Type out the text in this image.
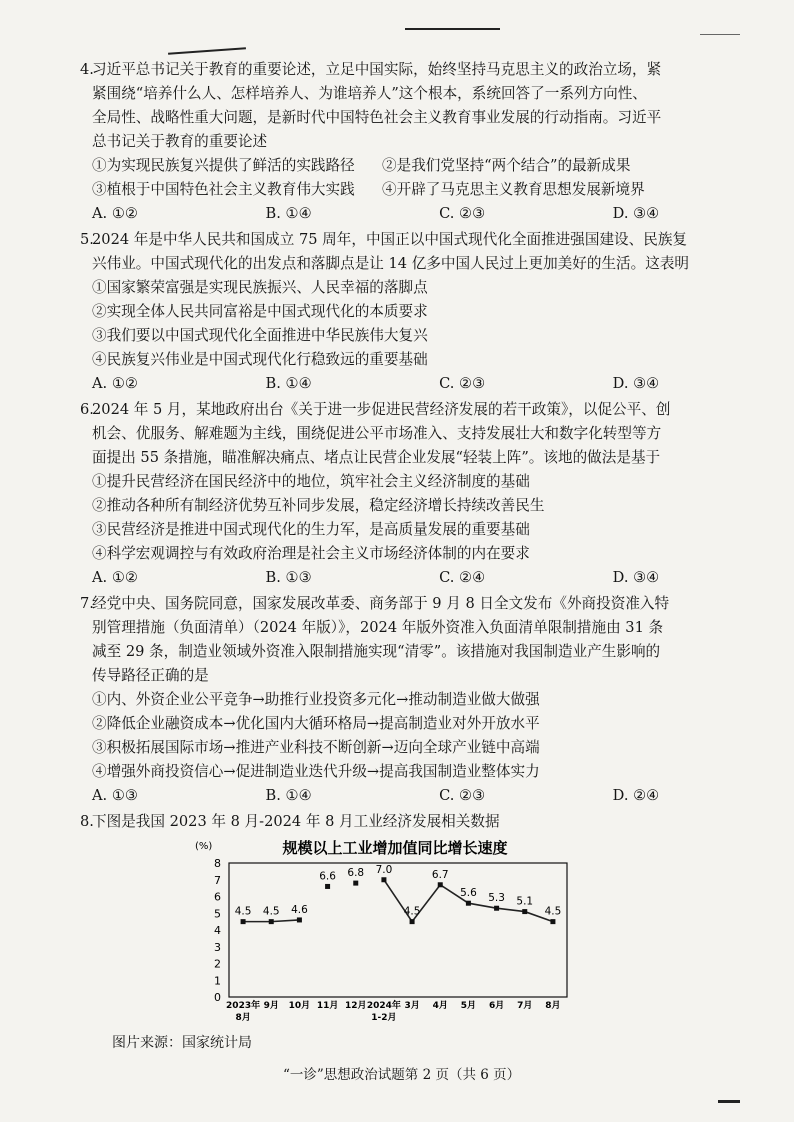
4.
习近平总书记关于教育的重要论述，立足中国实际，始终坚持马克思主义的政治立场，紧
紧围绕“培养什么人、怎样培养人、为谁培养人”这个根本，系统回答了一系列方向性、
全局性、战略性重大问题，是新时代中国特色社会主义教育事业发展的行动指南。习近平
总书记关于教育的重要论述
①为实现民族复兴提供了鲜活的实践路径	②是我们党坚持“两个结合”的最新成果
③植根于中国特色社会主义教育伟大实践	④开辟了马克思主义教育思想发展新境界
A. ①②	B. ①④	C. ②③	D. ③④
5.
2024 年是中华人民共和国成立 75 周年，中国正以中国式现代化全面推进强国建设、民族复
兴伟业。中国式现代化的出发点和落脚点是让 14 亿多中国人民过上更加美好的生活。这表明
①国家繁荣富强是实现民族振兴、人民幸福的落脚点
②实现全体人民共同富裕是中国式现代化的本质要求
③我们要以中国式现代化全面推进中华民族伟大复兴
④民族复兴伟业是中国式现代化行稳致远的重要基础
A. ①②	B. ①④	C. ②③	D. ③④
6.
2024 年 5 月，某地政府出台《关于进一步促进民营经济发展的若干政策》，以促公平、创
机会、优服务、解难题为主线，围绕促进公平市场准入、支持发展壮大和数字化转型等方
面提出 55 条措施，瞄准解决痛点、堵点让民营企业发展“轻装上阵”。该地的做法是基于
①提升民营经济在国民经济中的地位，筑牢社会主义经济制度的基础
②推动各种所有制经济优势互补同步发展，稳定经济增长持续改善民生
③民营经济是推进中国式现代化的生力军，是高质量发展的重要基础
④科学宏观调控与有效政府治理是社会主义市场经济体制的内在要求
A. ①②	B. ①③	C. ②④	D. ③④
7.
经党中央、国务院同意，国家发展改革委、商务部于 9 月 8 日全文发布《外商投资准入特
别管理措施（负面清单）（2024 年版）》，2024 年版外资准入负面清单限制措施由 31 条
减至 29 条，制造业领域外资准入限制措施实现“清零”。该措施对我国制造业产生影响的
传导路径正确的是
①内、外资企业公平竞争→助推行业投资多元化→推动制造业做大做强
②降低企业融资成本→优化国内大循环格局→提高制造业对外开放水平
③积极拓展国际市场→推进产业科技不断创新→迈向全球产业链中高端
④增强外商投资信心→促进制造业迭代升级→提高我国制造业整体实力
A. ①③	B. ①④	C. ②③	D. ②④
8.
下图是我国 2023 年 8 月-2024 年 8 月工业经济发展相关数据
(%)	规模以上工业增加值同比增长速度
0
1
2
3
4
5
6
7
8
2023年
8月
9月 10月 11月 12月 2024年
1-2月
3月 4月 5月 6月 7月 8月
4.5 4.5 4.6
6.6 6.8 7.0
4.5
6.7
5.6 5.3 5.1
4.5
图片来源：国家统计局
“一诊”思想政治试题第 2 页（共 6 页）
